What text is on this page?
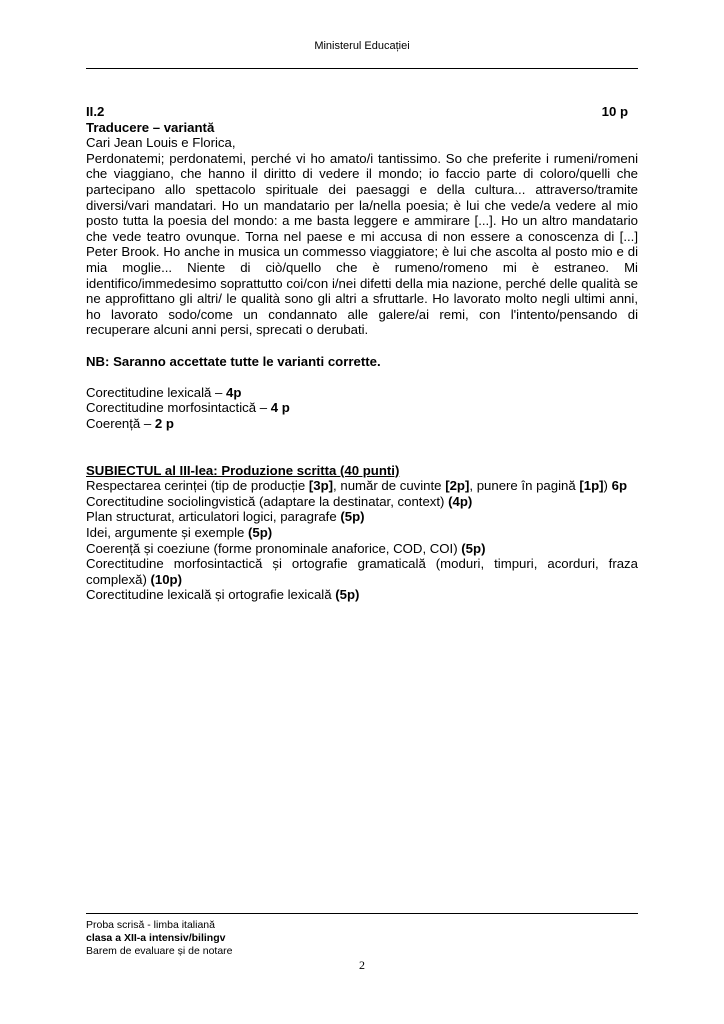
Ministerul Educației
II.2	10 p
Traducere – variantă
Cari Jean Louis e Florica,
Perdonatemi; perdonatemi, perché vi ho amato/i tantissimo. So che preferite i rumeni/romeni che viaggiano, che hanno il diritto di vedere il mondo; io faccio parte di coloro/quelli che partecipano allo spettacolo spirituale dei paesaggi e della cultura... attraverso/tramite diversi/vari mandatari. Ho un mandatario per la/nella poesia; è lui che vede/a vedere al mio posto tutta la poesia del mondo: a me basta leggere e ammirare [...]. Ho un altro mandatario che vede teatro ovunque. Torna nel paese e mi accusa di non essere a conoscenza di [...] Peter Brook. Ho anche in musica un commesso viaggiatore; è lui che ascolta al posto mio e di mia moglie... Niente di ciò/quello che è rumeno/romeno mi è estraneo. Mi identifico/immedesimo soprattutto coi/con i/nei difetti della mia nazione, perché delle qualità se ne approfittano gli altri/ le qualità sono gli altri a sfruttarle. Ho lavorato molto negli ultimi anni, ho lavorato sodo/come un condannato alle galere/ai remi, con l'intento/pensando di recuperare alcuni anni persi, sprecati o derubati.
NB: Saranno accettate tutte le varianti corrette.
Corectitudine lexicală – 4p
Corectitudine morfosintactică – 4 p
Coerență – 2 p
SUBIECTUL al III-lea: Produzione scritta (40 punti)
Respectarea cerinței (tip de producție [3p], număr de cuvinte [2p], punere în pagină [1p]) 6p
Corectitudine sociolingvistică (adaptare la destinatar, context) (4p)
Plan structurat, articulatori logici, paragrafe (5p)
Idei, argumente și exemple (5p)
Coerență și coeziune (forme pronominale anaforice, COD, COI) (5p)
Corectitudine morfosintactică și ortografie gramaticală (moduri, timpuri, acorduri, fraza complexă) (10p)
Corectitudine lexicală și ortografie lexicală (5p)
Proba scrisă - limba italiană
clasa a XII-a intensiv/bilingv
Barem de evaluare și de notare
2
